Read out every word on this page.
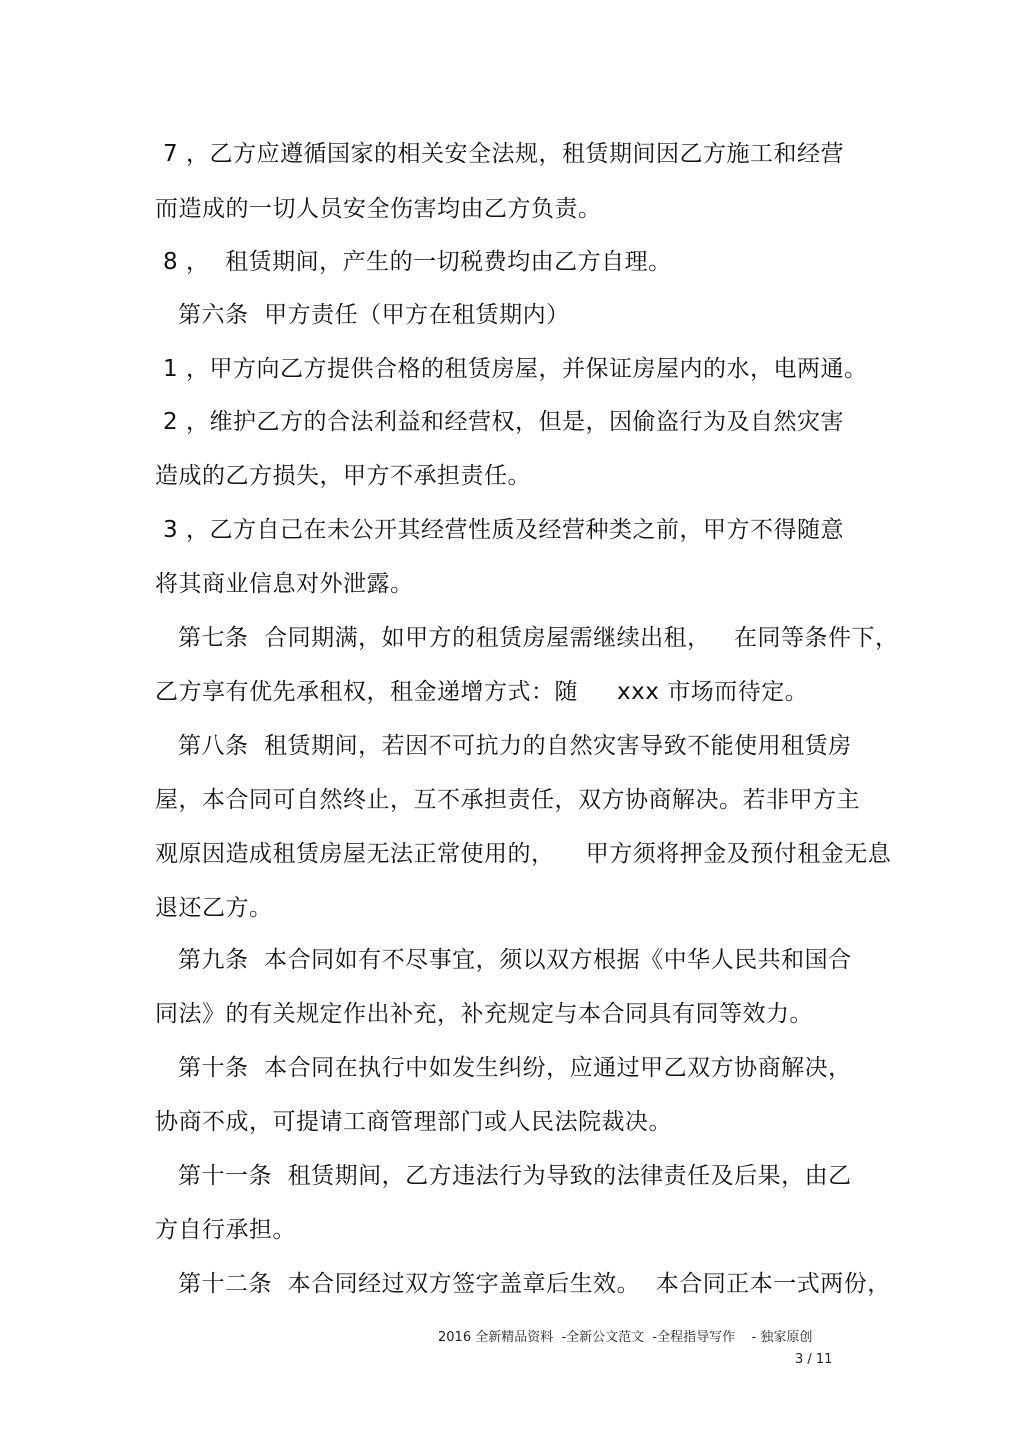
7 ，乙方应遵循国家的相关安全法规，租赁期间因乙方施工和经营
而造成的一切人员安全伤害均由乙方负责。
8 ，  租赁期间，产生的一切税费均由乙方自理。
第六条  甲方责任（甲方在租赁期内）
1 ，甲方向乙方提供合格的租赁房屋，并保证房屋内的水，电两通。
2 ，维护乙方的合法利益和经营权，但是，因偷盗行为及自然灾害
造成的乙方损失，甲方不承担责任。
3 ，乙方自己在未公开其经营性质及经营种类之前，甲方不得随意
将其商业信息对外泄露。
第七条  合同期满，如甲方的租赁房屋需继续出租，   在同等条件下，
乙方享有优先承租权，租金递增方式：随     xxx 市场而待定。
第八条  租赁期间，若因不可抗力的自然灾害导致不能使用租赁房
屋，本合同可自然终止，互不承担责任，双方协商解决。若非甲方主
观原因造成租赁房屋无法正常使用的，    甲方须将押金及预付租金无息
退还乙方。
第九条  本合同如有不尽事宜，须以双方根据《中华人民共和国合
同法》的有关规定作出补充，补充规定与本合同具有同等效力。
第十条  本合同在执行中如发生纠纷，应通过甲乙双方协商解决，
协商不成，可提请工商管理部门或人民法院裁决。
第十一条  租赁期间，乙方违法行为导致的法律责任及后果，由乙
方自行承担。
第十二条  本合同经过双方签字盖章后生效。  本合同正本一式两份，
2016 全新精品资料  -全新公文范文  -全程指导写作    - 独家原创
3 / 11
